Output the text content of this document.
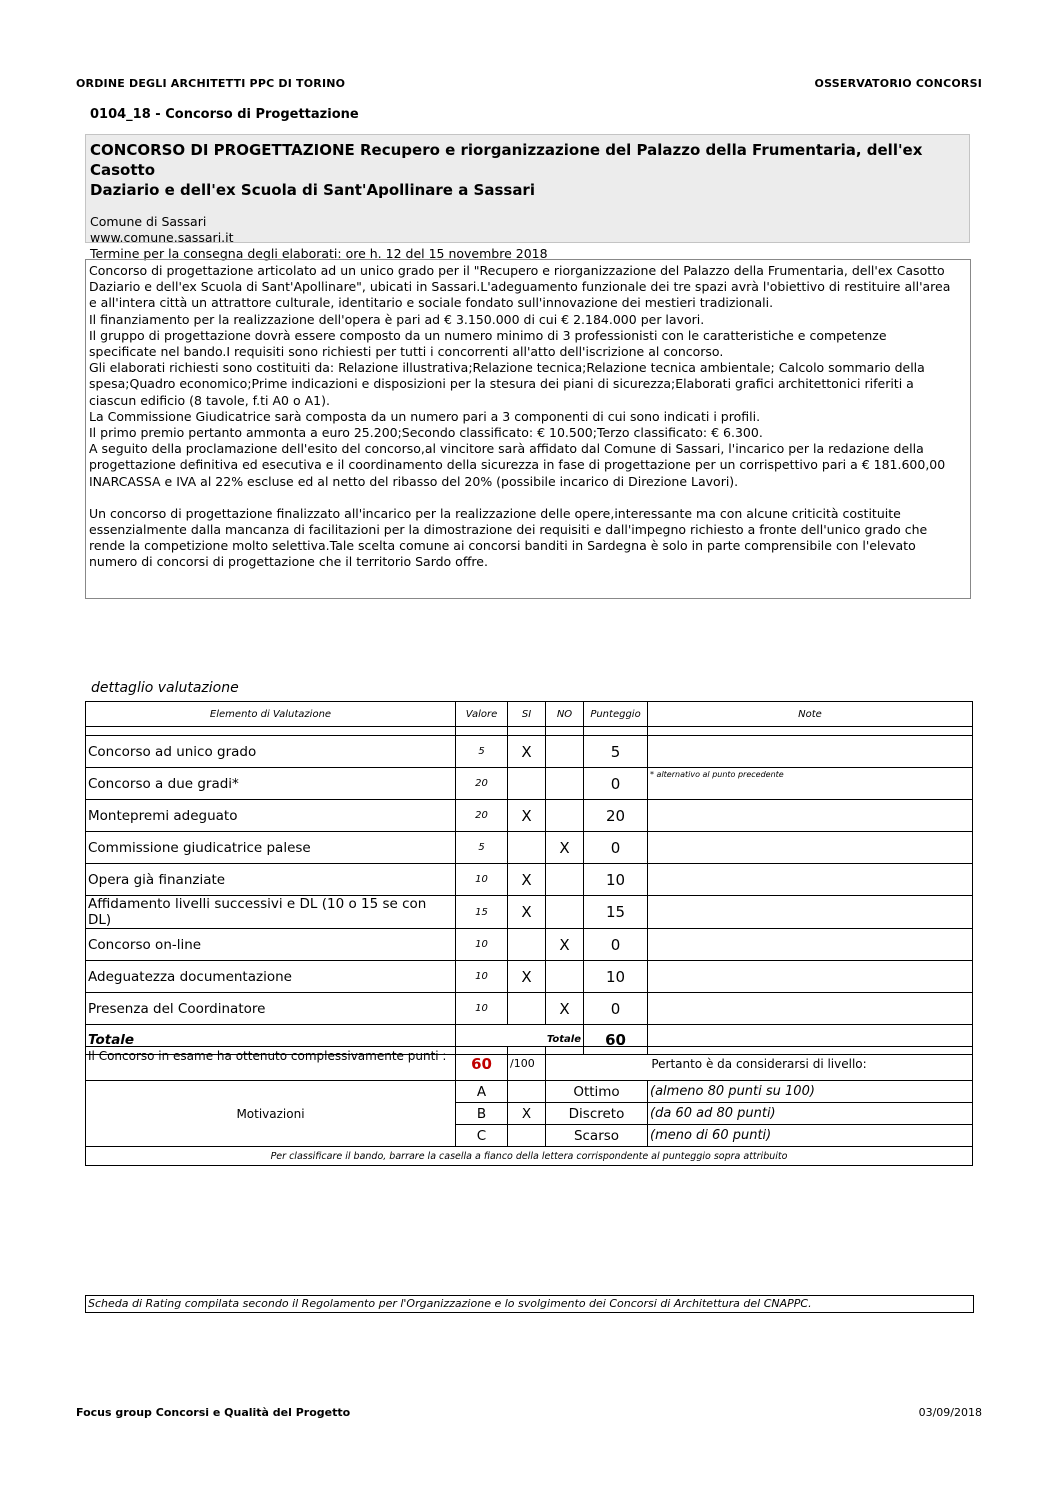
ORDINE DEGLI ARCHITETTI PPC DI TORINO	OSSERVATORIO CONCORSI
0104_18 - Concorso di Progettazione
CONCORSO DI PROGETTAZIONE Recupero e riorganizzazione del Palazzo della Frumentaria, dell'ex Casotto
Daziario e dell'ex Scuola di Sant'Apollinare a Sassari
Comune di Sassari
www.comune.sassari.it
Termine per la consegna degli elaborati: ore h. 12 del 15 novembre 2018

Concorso di progettazione articolato ad un unico grado per il "Recupero e riorganizzazione del Palazzo della Frumentaria, dell'ex Casotto

Daziario e dell'ex Scuola di Sant'Apollinare", ubicati in Sassari.L'adeguamento funzionale dei tre spazi avrà l'obiettivo di restituire all'area

e all'intera città un attrattore culturale, identitario e sociale fondato sull'innovazione dei mestieri tradizionali.

Il finanziamento per la realizzazione dell'opera è pari ad € 3.150.000 di cui € 2.184.000 per lavori.

Il gruppo di progettazione dovrà essere composto da un numero minimo di 3 professionisti con le caratteristiche e competenze

specificate nel bando.I requisiti sono richiesti per tutti i concorrenti all'atto dell'iscrizione al concorso.

Gli elaborati richiesti sono costituiti da: Relazione illustrativa;Relazione tecnica;Relazione tecnica ambientale; Calcolo sommario della

spesa;Quadro economico;Prime indicazioni e disposizioni per la stesura dei piani di sicurezza;Elaborati grafici architettonici riferiti a

ciascun edificio (8 tavole, f.ti A0 o A1).

La Commissione Giudicatrice sarà composta da un numero pari a 3 componenti di cui sono indicati i profili.

Il primo premio pertanto ammonta a euro 25.200;Secondo classificato: € 10.500;Terzo classificato: € 6.300.

A seguito della proclamazione dell'esito del concorso,al vincitore sarà affidato dal Comune di Sassari, l'incarico per la redazione della

progettazione definitiva ed esecutiva e il coordinamento della sicurezza in fase di progettazione per un corrispettivo pari a € 181.600,00

INARCASSA e IVA al 22% escluse ed al netto del ribasso del 20% (possibile incarico di Direzione Lavori).

Un concorso di progettazione finalizzato all'incarico per la realizzazione delle opere,interessante ma con alcune criticità costituite

essenzialmente dalla mancanza di facilitazioni per la dimostrazione dei requisiti e dall'impegno richiesto a fronte dell'unico grado che

rende la competizione molto selettiva.Tale scelta comune ai concorsi banditi in Sardegna è solo in parte comprensibile con l'elevato

numero di concorsi di progettazione che il territorio Sardo offre.

dettaglio valutazione
Elemento di Valutazione	Valore	SI	NO	Punteggio	Note

Concorso ad unico grado	5	X		5	
Concorso a due gradi*	20			0	* alternativo al punto precedente
Montepremi adeguato	20	X		20	
Commissione giudicatrice palese	5		X	0	
Opera già finanziate	10	X		10	
Affidamento livelli successivi e DL (10 o 15 se con DL)	15	X		15	
Concorso on-line	10		X	0	
Adeguatezza documentazione	10	X		10	
Presenza del Coordinatore	10		X	0	
Totale	Totale			60	
Il Concorso in esame ha ottenuto complessivamente punti :	60	/100	Pertanto è da considerarsi di livello:	
Motivazioni	A		Ottimo	(almeno 80 punti su 100)
	B	X	Discreto	(da 60 ad 80 punti)
	C		Scarso	(meno di 60 punti)
Per classificare il bando, barrare la casella a fianco della lettera corrispondente al punteggio sopra attribuito				
Scheda di Rating compilata secondo il Regolamento per l'Organizzazione e lo svolgimento dei Concorsi di Architettura del CNAPPC.
Focus group Concorsi e Qualità del Progetto	03/09/2018
